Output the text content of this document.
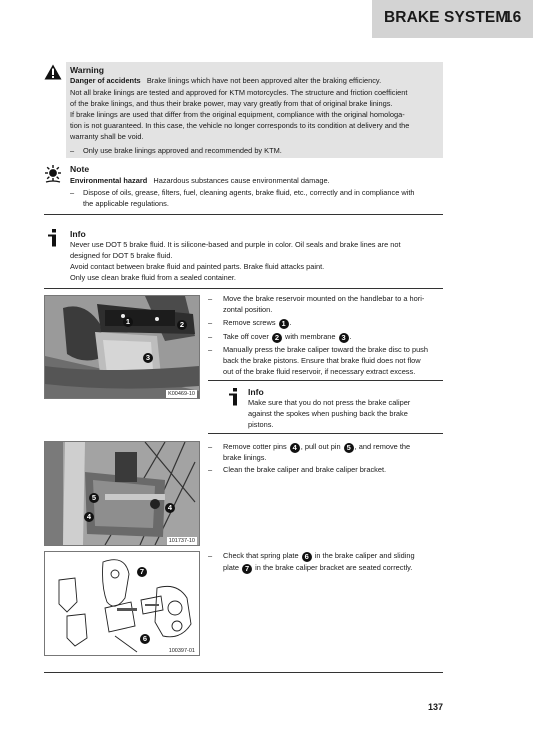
BRAKE SYSTEM
16
Warning
Danger of accidents Brake linings which have not been approved alter the braking efficiency.
Not all brake linings are tested and approved for KTM motorcycles. The structure and friction coefficient
of the brake linings, and thus their brake power, may vary greatly from that of original brake linings.
If brake linings are used that differ from the original equipment, compliance with the original homologa-
tion is not guaranteed. In this case, the vehicle no longer corresponds to its condition at delivery and the
warranty shall be void.
– Only use brake linings approved and recommended by KTM.
Note
Environmental hazard Hazardous substances cause environmental damage.
– Dispose of oils, grease, filters, fuel, cleaning agents, brake fluid, etc., correctly and in compliance with
the applicable regulations.
Info
Never use DOT 5 brake fluid. It is silicone-based and purple in color. Oil seals and brake lines are not
designed for DOT 5 brake fluid.
Avoid contact between brake fluid and painted parts. Brake fluid attacks paint.
Only use clean brake fluid from a sealed container.
1	2
3
K00469-10
– Move the brake reservoir mounted on the handlebar to a hori-
zontal position.
– Remove screws 1 .
– Take off cover 2 with membrane 3 .
– Manually press the brake caliper toward the brake disc to push
back the brake pistons. Ensure that brake fluid does not flow
out of the brake fluid reservoir, if necessary extract excess.
Info
Make sure that you do not press the brake caliper
against the spokes when pushing back the brake
pistons.
5
4
4
101737-10
– Remove cotter pins 4 , pull out pin 5 , and remove the
brake linings.
– Clean the brake caliper and brake caliper bracket.
7
6
100397-01
– Check that spring plate 6 in the brake caliper and sliding
plate 7 in the brake caliper bracket are seated correctly.
137
